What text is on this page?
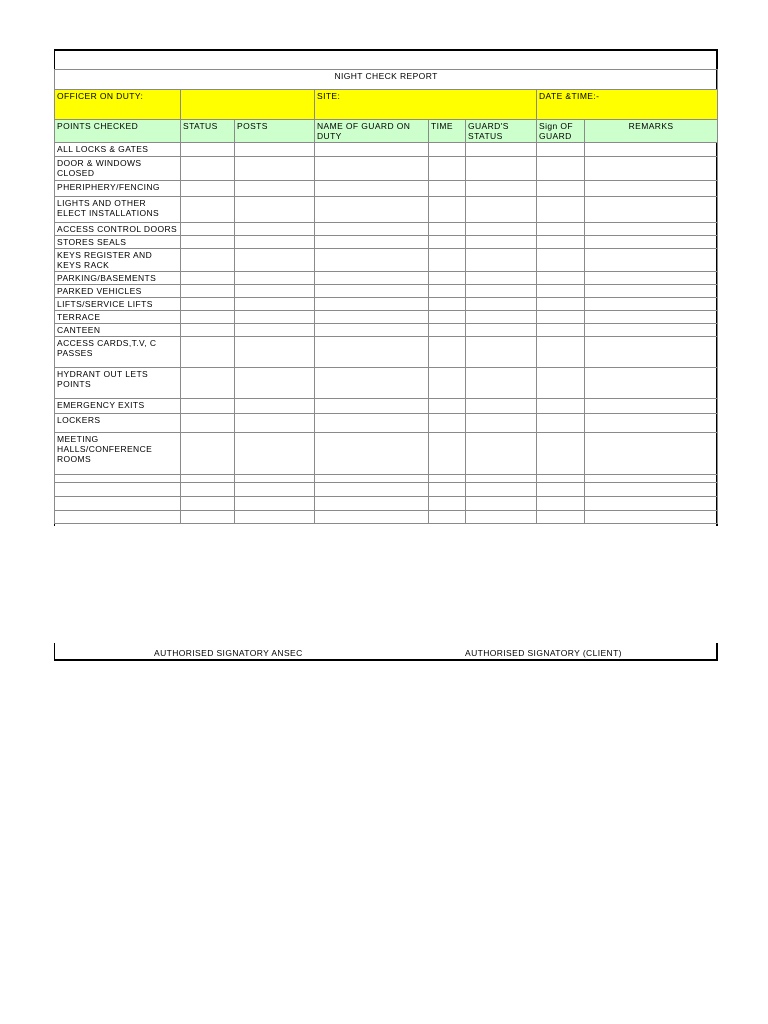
NIGHT CHECK REPORT							
OFFICER ON DUTY:			SITE:			DATE &TIME:-	
POINTS CHECKED	STATUS	POSTS	NAME OF GUARD ON DUTY	TIME	GUARD'S STATUS	Sign OF GUARD	REMARKS
ALL LOCKS & GATES							
DOOR & WINDOWS CLOSED							
PHERIPHERY/FENCING							
LIGHTS AND OTHER ELECT INSTALLATIONS							
ACCESS CONTROL DOORS							
STORES SEALS							
KEYS REGISTER AND KEYS RACK							
PARKING/BASEMENTS							
PARKED VEHICLES							
LIFTS/SERVICE LIFTS							
TERRACE							
CANTEEN							
ACCESS CARDS,T.V, C PASSES							
HYDRANT OUT LETS POINTS							
EMERGENCY EXITS							
LOCKERS							
MEETING HALLS/CONFERENCE ROOMS							

AUTHORISED SIGNATORY ANSEC	AUTHORISED SIGNATORY (CLIENT)
